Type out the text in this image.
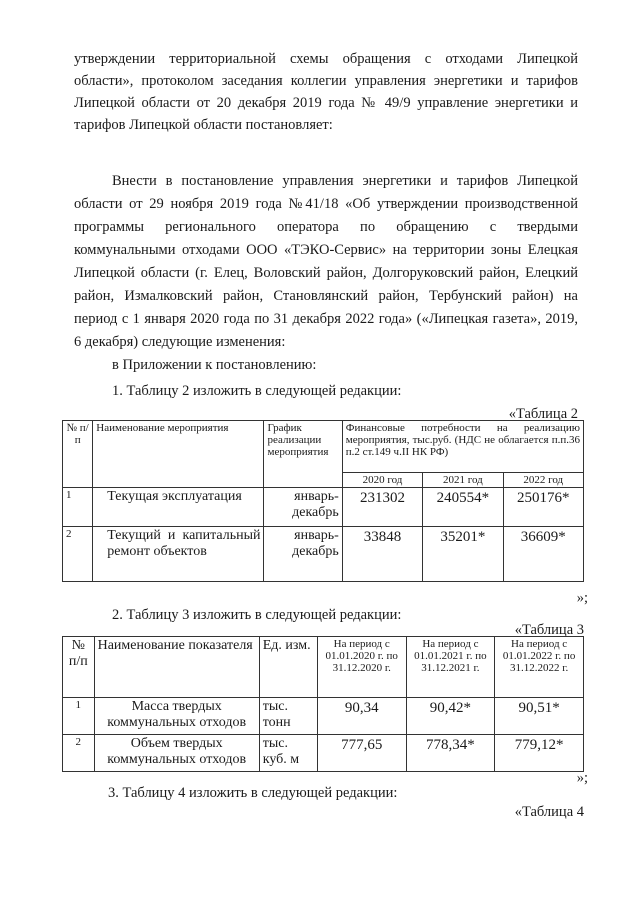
утверждении территориальной схемы обращения с отходами Липецкой
области», протоколом заседания коллегии управления энергетики и тарифов
Липецкой области от 20 декабря 2019 года № 49/9 управление энергетики и
тарифов Липецкой области постановляет:
Внести в постановление управления энергетики и тарифов Липецкой
области от 29 ноября 2019 года №41/18 «Об утверждении производственной
программы регионального оператора по обращению с твердыми
коммунальными отходами ООО «ТЭКО-Сервис» на территории зоны Елецкая
Липецкой области (г. Елец, Воловский район, Долгоруковский район, Елецкий
район, Измалковский район, Становлянский район, Тербунский район) на
период с 1 января 2020 года по 31 декабря 2022 года» («Липецкая газета», 2019,
6 декабря) следующие изменения:
в Приложении к постановлению:
1. Таблицу 2 изложить в следующей редакции:
«Таблица 2
№ п/п	Наименование мероприятия	График реализации мероприятия	Финансовые потребности на реализацию мероприятия, тыс.руб. (НДС не облагается п.п.36 п.2 ст.149 ч.II НК РФ)		
			2020 год	2021 год	2022 год
1	Текущая эксплуатация	январь-декабрь	231302	240554*	250176*
2	Текущий и капитальный ремонт объектов	январь-декабрь	33848	35201*	36609*
»;
2. Таблицу 3 изложить в следующей редакции:
«Таблица 3
№ п/п	Наименование показателя	Ед. изм.	На период с 01.01.2020 г. по 31.12.2020 г.	На период с 01.01.2021 г. по 31.12.2021 г.	На период с 01.01.2022 г. по 31.12.2022 г.
1	Масса твердых коммунальных отходов	тыс. тонн	90,34	90,42*	90,51*
2	Объем твердых коммунальных отходов	тыс. куб. м	777,65	778,34*	779,12*
»;
3. Таблицу 4 изложить в следующей редакции:
«Таблица 4
